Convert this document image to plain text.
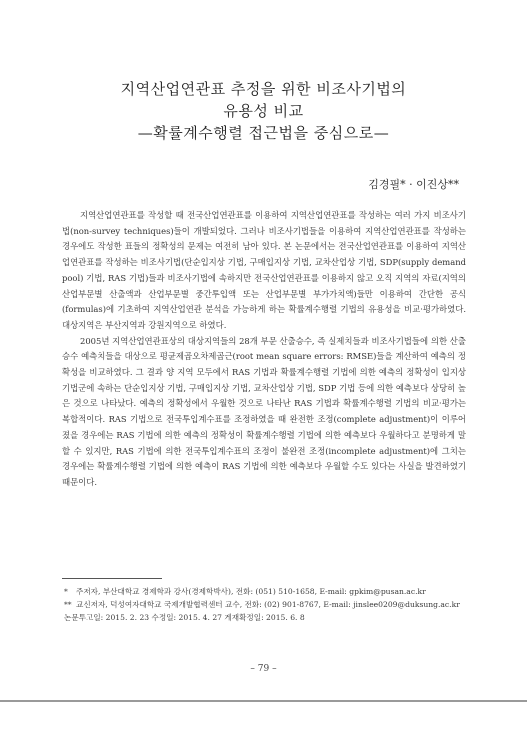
지역산업연관표 추정을 위한 비조사기법의
유용성 비교
—확률계수행렬 접근법을 중심으로—
김경필* · 이진상**

지역산업연관표를 작성할 때 전국산업연관표를 이용하여 지역산업연관표를 작성하는 여러 가지 비조사기법(non-survey techniques)들이 개발되었다. 그러나 비조사기법들을 이용하여 지역산업연관표를 작성하는 경우에도 작성한 표들의 정확성의 문제는 여전히 남아 있다. 본 논문에서는 전국산업연관표를 이용하여 지역산업연관표를 작성하는 비조사기법(단순입지상 기법, 구매입지상 기법, 교차산업상 기법, SDP(supply demand pool) 기법, RAS 기법)들과 비조사기법에 속하지만 전국산업연관표를 이용하지 않고 오직 지역의 자료(지역의 산업부문별 산출액과 산업부문별 중간투입액 또는 산업부문별 부가가치액)들만 이용하여 간단한 공식(formulas)에 기초하여 지역산업연관 분석을 가능하게 하는 확률계수행렬 기법의 유용성을 비교·평가하였다. 대상지역은 부산지역과 강원지역으로 하였다.

2005년 지역산업연관표상의 대상지역들의 28개 부문 산출승수, 즉 실제치들과 비조사기법들에 의한 산출승수 예측치들을 대상으로 평균제곱오차제곱근(root mean square errors: RMSE)들을 계산하여 예측의 정확성을 비교하였다. 그 결과 양 지역 모두에서 RAS 기법과 확률계수행렬 기법에 의한 예측의 정확성이 입지상 기법군에 속하는 단순입지상 기법, 구매입지상 기법, 교차산업상 기법, SDP 기법 등에 의한 예측보다 상당히 높은 것으로 나타났다. 예측의 정확성에서 우월한 것으로 나타난 RAS 기법과 확률계수행렬 기법의 비교·평가는 복합적이다. RAS 기법으로 전국투입계수표를 조정하였을 때 완전한 조정(complete adjustment)이 이루어졌을 경우에는 RAS 기법에 의한 예측의 정확성이 확률계수행렬 기법에 의한 예측보다 우월하다고 분명하게 말할 수 있지만, RAS 기법에 의한 전국투입계수표의 조정이 불완전 조정(incomplete adjustment)에 그치는 경우에는 확률계수행렬 기법에 의한 예측이 RAS 기법에 의한 예측보다 우월할 수도 있다는 사실을 발견하였기 때문이다.

* 주저자, 부산대학교 경제학과 강사(경제학박사), 전화: (051) 510-1658, E-mail: gpkim@pusan.ac.kr
** 교신저자, 덕성여자대학교 국제개발협력센터 교수, 전화: (02) 901-8767, E-mail: jinslee0209@duksung.ac.kr
논문투고일: 2015. 2. 23 수정일: 2015. 4. 27 게재확정일: 2015. 6. 8
– 79 –
